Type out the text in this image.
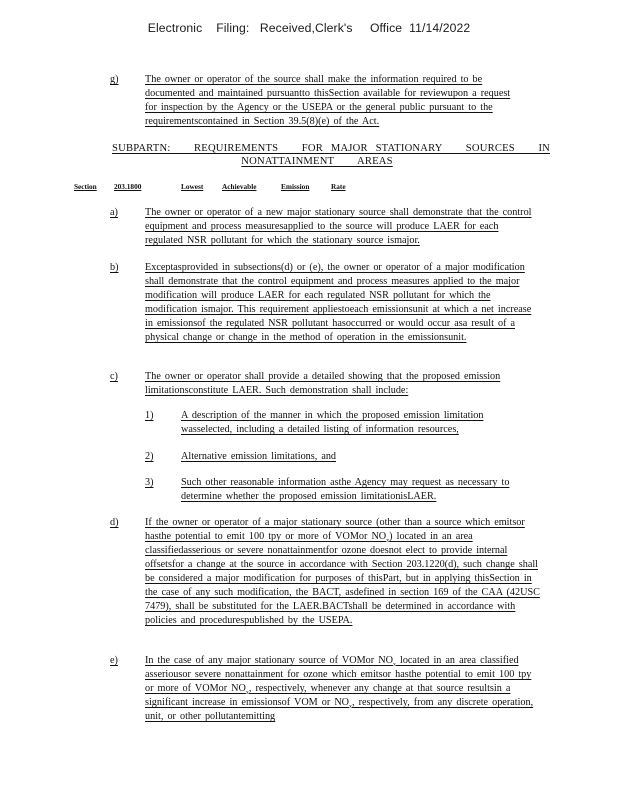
Electronic    Filing:   Received,Clerk's     Office  11/14/2022
g)	The owner or operator of the source shall make the information required to be documented and maintained pursuantto thisSection available for reviewupon a request for inspection by the Agency or the USEPA or the general public pursuant to the requirementscontained in Section 39.5(8)(e) of the Act.
SUBPARTN:   REQUIREMENTS   FOR MAJOR STATIONARY   SOURCES   IN
NONATTAINMENT   AREAS
Section 203.1800	Lowest	Achievable	Emission	Rate
a)	The owner or operator of a new major stationary source shall demonstrate that the control equipment and process measuresapplied to the source will produce LAER for each regulated NSR pollutant for which the stationary source ismajor.
b)	Exceptasprovided in subsections(d) or (e), the owner or operator of a major modification shall demonstrate that the control equipment and process measures applied to the major modification will produce LAER for each regulated NSR pollutant for which the modification ismajor. This requirement appliestoeach emissionsunit at which a net increase in emissionsof the regulated NSR pollutant hasoccurred or would occur asa result of a physical change or change in the method of operation in the emissionsunit.
c)	The owner or operator shall provide a detailed showing that the proposed emission limitationsconstitute LAER. Such demonstration shall include:
1)	A description of the manner in which the proposed emission limitation wasselected, including a detailed listing of information resources,
2)	Alternative emission limitations, and
3)	Such other reasonable information asthe Agency may request as necessary to determine whether the proposed emission limitationisLAER.
d)	If the owner or operator of a major stationary source (other than a source which emitsor hasthe potential to emit 100 tpy or more of VOMor $NO_x$) located in an area classifiedasserious or severe nonattainmentfor ozone doesnot elect to provide internal offsetsfor a change at the source in accordance with Section 203.1220(d), such change shall be considered a major modification for purposes of thisPart, but in applying thisSection in the case of any such modification, the BACT, asdefined in section 169 of the CAA (42USC 7479), shall be substituted for the LAER.BACTshall be determined in accordance with policies and procedurespublished by the USEPA.
e)	In the case of any major stationary source of VOMor $NO_x$ located in an area classified asseriousor severe nonattainment for ozone which emitsor hasthe potential to emit 100 tpy or more of VOMor $NO_x$, respectively, whenever any change at that source resultsin a significant increase in emissionsof VOM or $NO_x$, respectively, from any discrete operation, unit, or other pollutantemitting
